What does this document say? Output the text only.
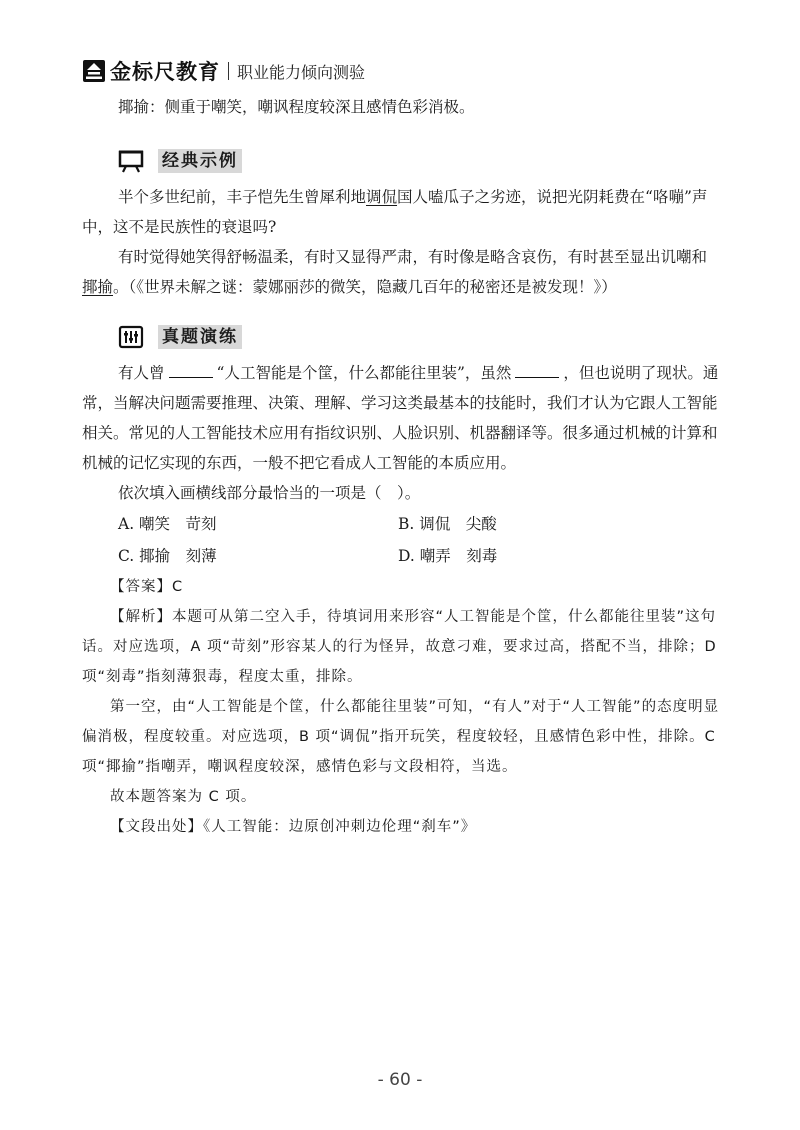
金标尺教育 职业能力倾向测验

揶揄：侧重于嘲笑，嘲讽程度较深且感情色彩消极。

经典示例

半个多世纪前，丰子恺先生曾犀利地调侃国人嗑瓜子之劣迹，说把光阴耗费在“咯嘣”声中，这不是民族性的衰退吗?

有时觉得她笑得舒畅温柔，有时又显得严肃，有时像是略含哀伤，有时甚至显出讥嘲和揶揄。（《世界未解之谜：蒙娜丽莎的微笑，隐藏几百年的秘密还是被发现！》）

真题演练

有人曾	“人工智能是个筐，什么都能往里装”，虽然	，但也说明了现状。通常，当解决问题需要推理、决策、理解、学习这类最基本的技能时，我们才认为它跟人工智能相关。常见的人工智能技术应用有指纹识别、人脸识别、机器翻译等。很多通过机械的计算和机械的记忆实现的东西，一般不把它看成人工智能的本质应用。

依次填入画横线部分最恰当的一项是（　）。

A. 嘲笑　苛刻	B. 调侃　尖酸
C. 揶揄　刻薄	D. 嘲弄　刻毒

【答案】C

【解析】本题可从第二空入手，待填词用来形容“人工智能是个筐，什么都能往里装”这句话。对应选项，A 项“苛刻”形容某人的行为怪异，故意刁难，要求过高，搭配不当，排除；D 项“刻毒”指刻薄狠毒，程度太重，排除。

第一空，由“人工智能是个筐，什么都能往里装”可知，“有人”对于“人工智能”的态度明显偏消极，程度较重。对应选项，B 项“调侃”指开玩笑，程度较轻，且感情色彩中性，排除。C 项“揶揄”指嘲弄，嘲讽程度较深，感情色彩与文段相符，当选。

故本题答案为 C 项。

【文段出处】《人工智能：边原创冲刺边伦理“刹车”》

- 60 -
